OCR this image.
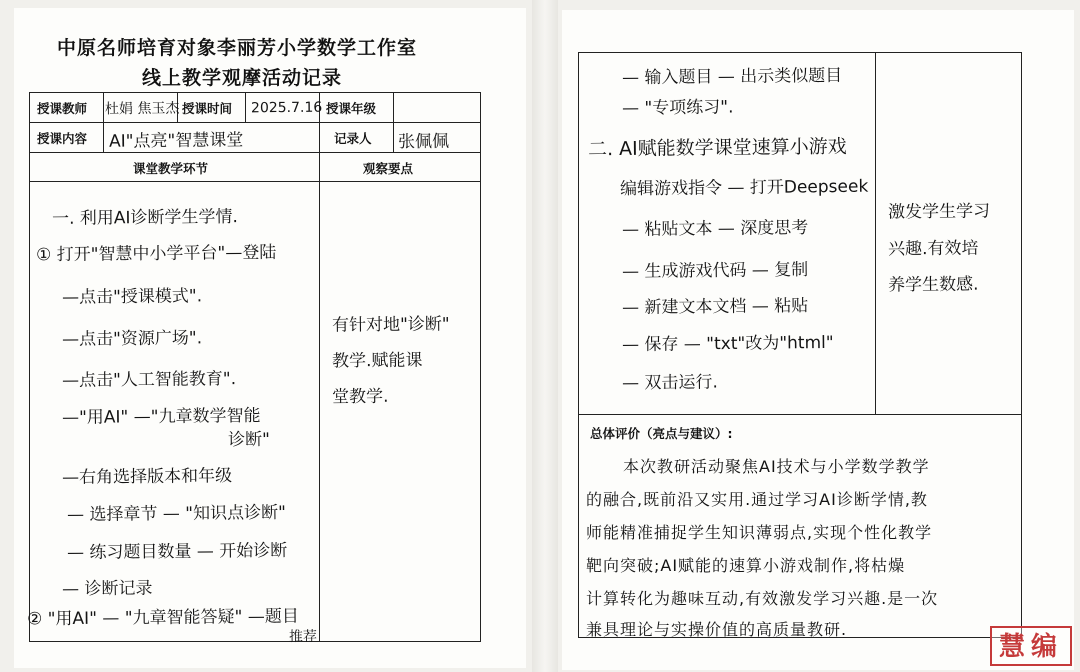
中原名师培育对象李丽芳小学数学工作室
线上教学观摩活动记录
授课教师 杜娟 焦玉杰 授课时间 2025.7.16 授课年级
授课内容 AI"点亮"智慧课堂	记录人 张佩佩
课堂教学环节	观察要点
一. 利用AI诊断学生学情.
① 打开"智慧中小学平台"—登陆
—点击"授课模式".
—点击"资源广场".
—点击"人工智能教育".
—"用AI" —"九章数学智能
诊断"
—右角选择版本和年级
— 选择章节 — "知识点诊断"
— 练习题目数量 — 开始诊断
— 诊断记录
② "用AI" — "九章智能答疑" —题目
推荐
有针对地"诊断"
教学.赋能课
堂教学.
— 输入题目 — 出示类似题目
— "专项练习".
二. AI赋能数学课堂速算小游戏
编辑游戏指令 — 打开Deepseek
— 粘贴文本 — 深度思考
— 生成游戏代码 — 复制
— 新建文本文档 — 粘贴
— 保存 — "txt"改为"html"
— 双击运行.
激发学生学习
兴趣.有效培
养学生数感.
总体评价（亮点与建议）:
本次教研活动聚焦AI技术与小学数学教学
的融合,既前沿又实用.通过学习AI诊断学情,教
师能精准捕捉学生知识薄弱点,实现个性化教学
靶向突破;AI赋能的速算小游戏制作,将枯燥
计算转化为趣味互动,有效激发学习兴趣.是一次
兼具理论与实操价值的高质量教研.
慧编
